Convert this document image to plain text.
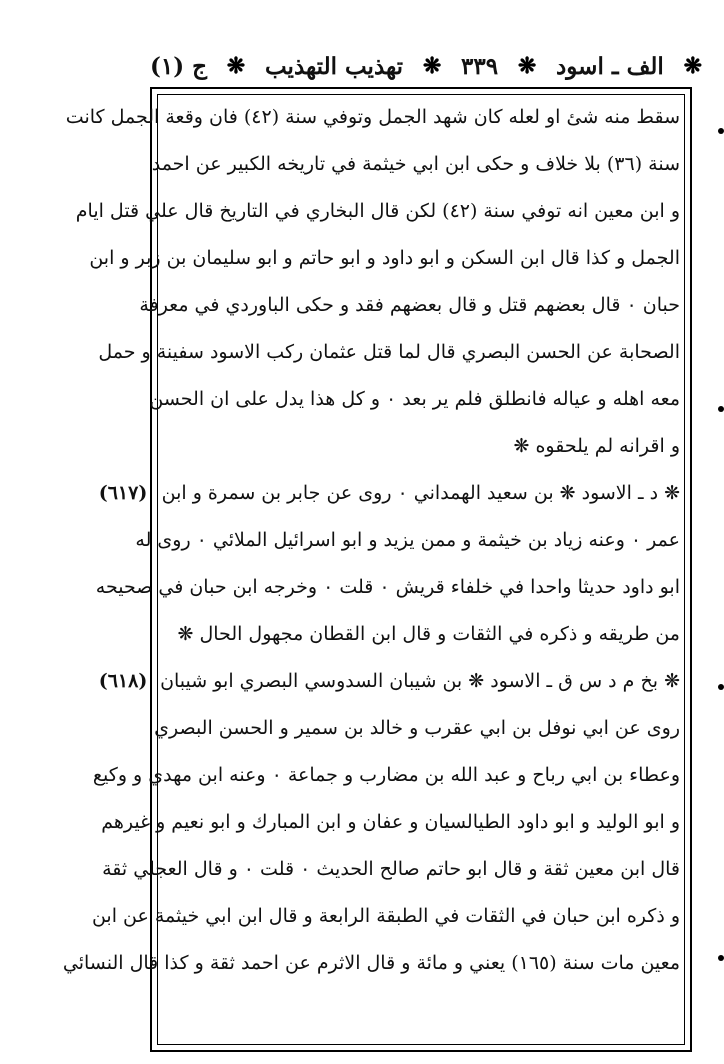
ج (١) ❋ تهذيب التهذيب ❋ ٣٣٩ ❋ الف ـ اسود ❋
سقط منه شئ او لعله كان شهد الجمل وتوفي سنة (٤٢) فان وقعة الجمل كانت
سنة (٣٦) بلا خلاف و حكى ابن ابي خيثمة في تاريخه الكبير عن احمد
و ابن معين انه توفي سنة (٤٢) لكن قال البخاري في التاريخ قال علي قتل ايام
الجمل و كذا قال ابن السكن و ابو داود و ابو حاتم و ابو سليمان بن زبر و ابن
حبان ٠ قال بعضهم قتل و قال بعضهم فقد و حكى الباوردي في معرفة
الصحابة عن الحسن البصري قال لما قتل عثمان ركب الاسود سفينة و حمل
معه اهله و عياله فانطلق فلم ير بعد ٠ و كل هذا يدل على ان الحسن
و اقرانه لم يلحقوه ❋
❋ د ـ الاسود ❋ بن سعيد الهمداني ٠ روى عن جابر بن سمرة و ابن
عمر ٠ وعنه زياد بن خيثمة و ممن يزيد و ابو اسرائيل الملائي ٠ روى له
ابو داود حديثا واحدا في خلفاء قريش ٠ قلت ٠ وخرجه ابن حبان في صحيحه
من طريقه و ذكره في الثقات و قال ابن القطان مجهول الحال ❋
❋ بخ م د س ق ـ الاسود ❋ بن شيبان السدوسي البصري ابو شيبان
روى عن ابي نوفل بن ابي عقرب و خالد بن سمير و الحسن البصري
وعطاء بن ابي رباح و عبد الله بن مضارب و جماعة ٠ وعنه ابن مهدي و وكيع
و ابو الوليد و ابو داود الطيالسيان و عفان و ابن المبارك و ابو نعيم و غيرهم
قال ابن معين ثقة و قال ابو حاتم صالح الحديث ٠ قلت ٠ و قال العجلي ثقة
و ذكره ابن حبان في الثقات في الطبقة الرابعة و قال ابن ابي خيثمة عن ابن
معين مات سنة (١٦٥) يعني و مائة و قال الاثرم عن احمد ثقة و كذا قال النسائي
(٦١٧)
(٦١٨)
